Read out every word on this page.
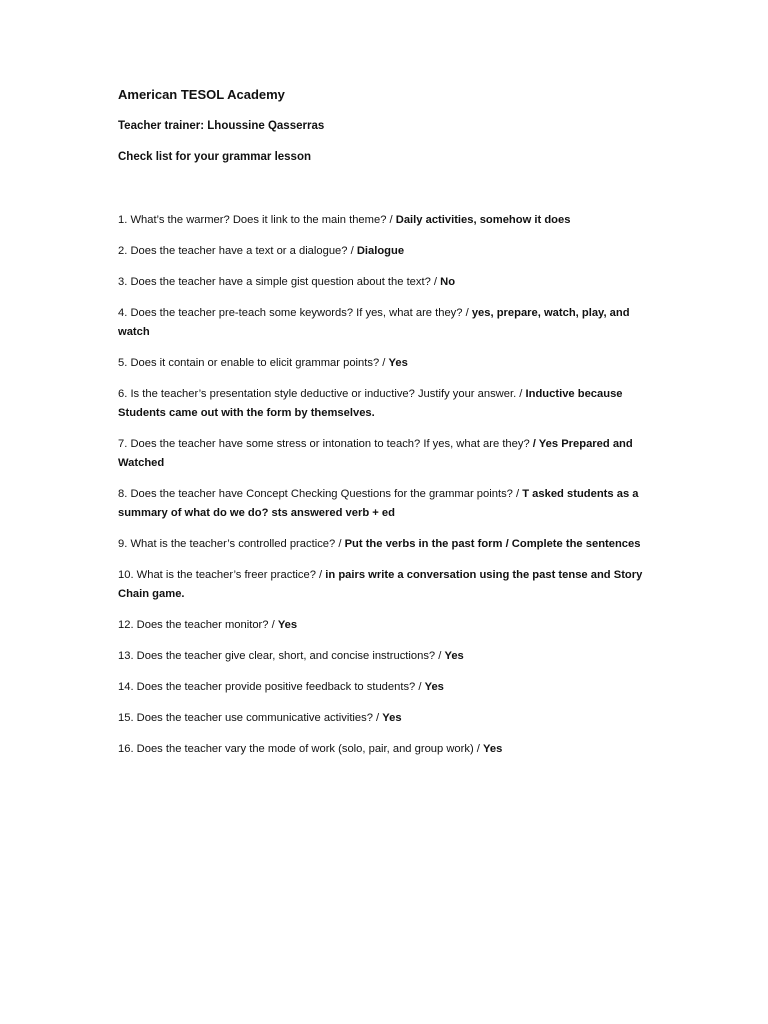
American TESOL Academy
Teacher trainer: Lhoussine Qasserras
Check list for your grammar lesson

1. What’s the warmer? Does it link to the main theme? / Daily activities, somehow it does

2. Does the teacher have a text or a dialogue? / Dialogue

3. Does the teacher have a simple gist question about the text? / No

4. Does the teacher pre-teach some keywords? If yes, what are they? / yes, prepare, watch, play, and watch

5. Does it contain or enable to elicit grammar points? / Yes

6. Is the teacher’s presentation style deductive or inductive? Justify your answer. / Inductive because Students came out with the form by themselves.

7. Does the teacher have some stress or intonation to teach? If yes, what are they? / Yes Prepared and Watched

8. Does the teacher have Concept Checking Questions for the grammar points? / T asked students as a summary of what do we do? sts answered verb + ed

9. What is the teacher’s controlled practice? / Put the verbs in the past form / Complete the sentences

10. What is the teacher’s freer practice? / in pairs write a conversation using the past tense and Story Chain game.

12. Does the teacher monitor? / Yes

13. Does the teacher give clear, short, and concise instructions? / Yes

14. Does the teacher provide positive feedback to students? / Yes

15. Does the teacher use communicative activities? / Yes

16. Does the teacher vary the mode of work (solo, pair, and group work) / Yes
